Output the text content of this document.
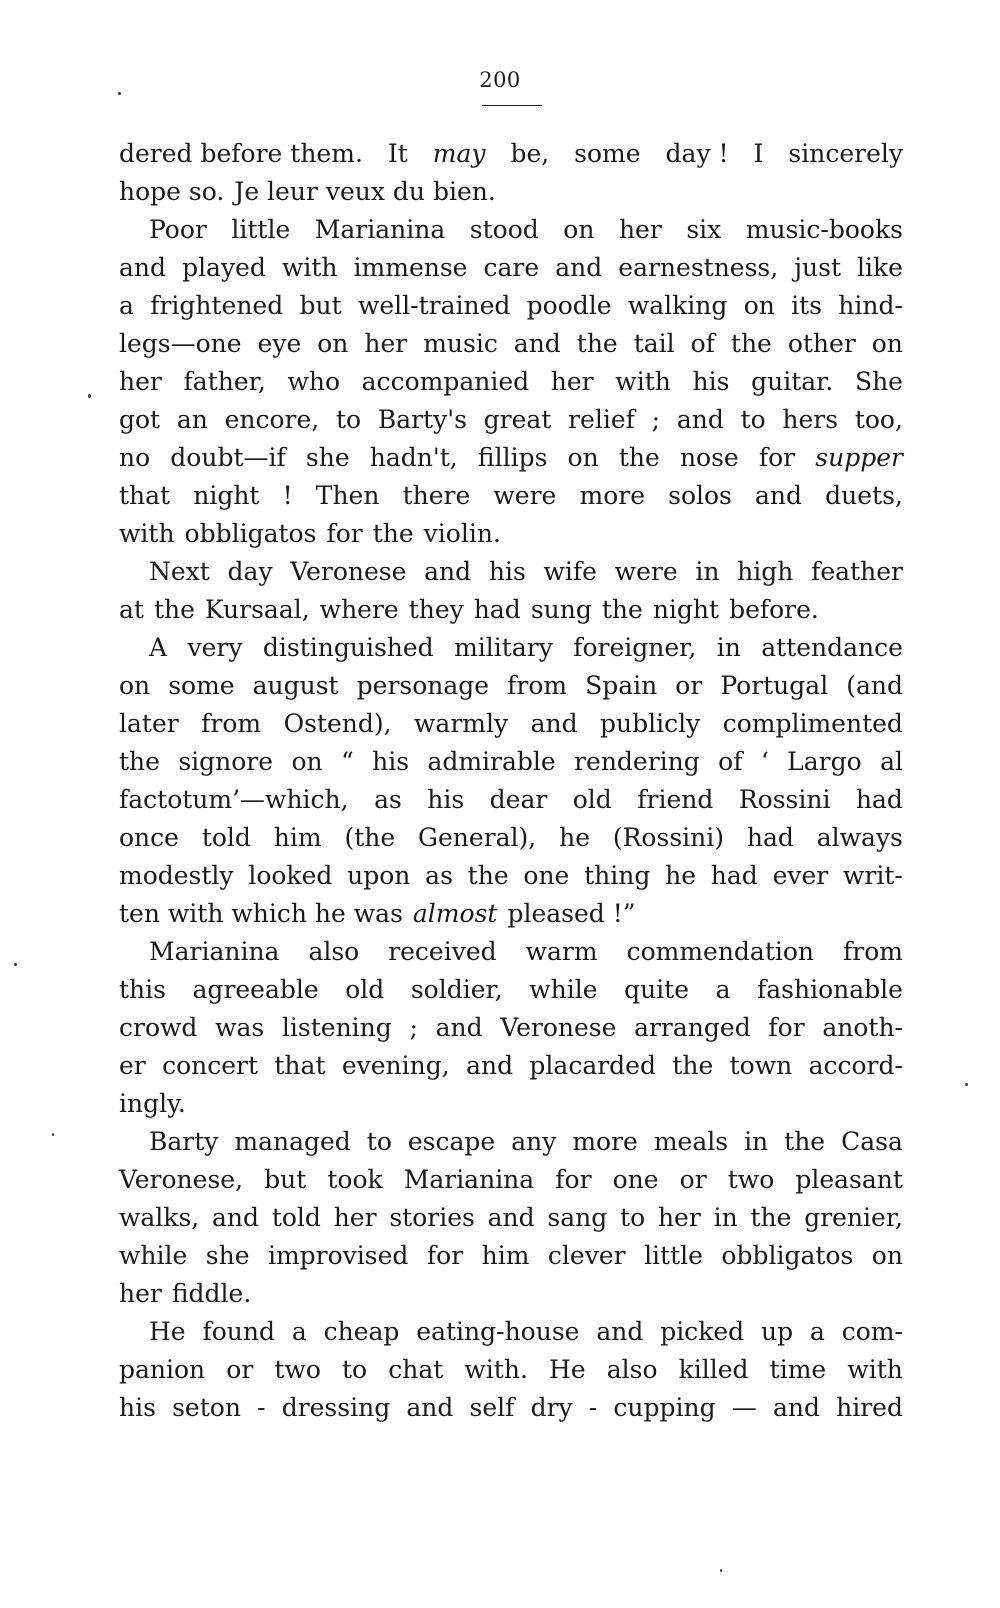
200
dered before them. It may be, some day ! I sincerely
hope so. Je leur veux du bien.
Poor little Marianina stood on her six music-books
and played with immense care and earnestness, just like
a frightened but well-trained poodle walking on its hind-
legs—one eye on her music and the tail of the other on
her father, who accompanied her with his guitar. She
got an encore, to Barty's great relief ; and to hers too,
no doubt—if she hadn't, fillips on the nose for supper
that night ! Then there were more solos and duets,
with obbligatos for the violin.
Next day Veronese and his wife were in high feather
at the Kursaal, where they had sung the night before.
A very distinguished military foreigner, in attendance
on some august personage from Spain or Portugal (and
later from Ostend), warmly and publicly complimented
the signore on “ his admirable rendering of ‘ Largo al
factotum’—which, as his dear old friend Rossini had
once told him (the General), he (Rossini) had always
modestly looked upon as the one thing he had ever writ-
ten with which he was almost pleased !”
Marianina also received warm commendation from
this agreeable old soldier, while quite a fashionable
crowd was listening ; and Veronese arranged for anoth-
er concert that evening, and placarded the town accord-
ingly.
Barty managed to escape any more meals in the Casa
Veronese, but took Marianina for one or two pleasant
walks, and told her stories and sang to her in the grenier,
while she improvised for him clever little obbligatos on
her fiddle.
He found a cheap eating-house and picked up a com-
panion or two to chat with. He also killed time with
his seton - dressing and self dry - cupping — and hired
